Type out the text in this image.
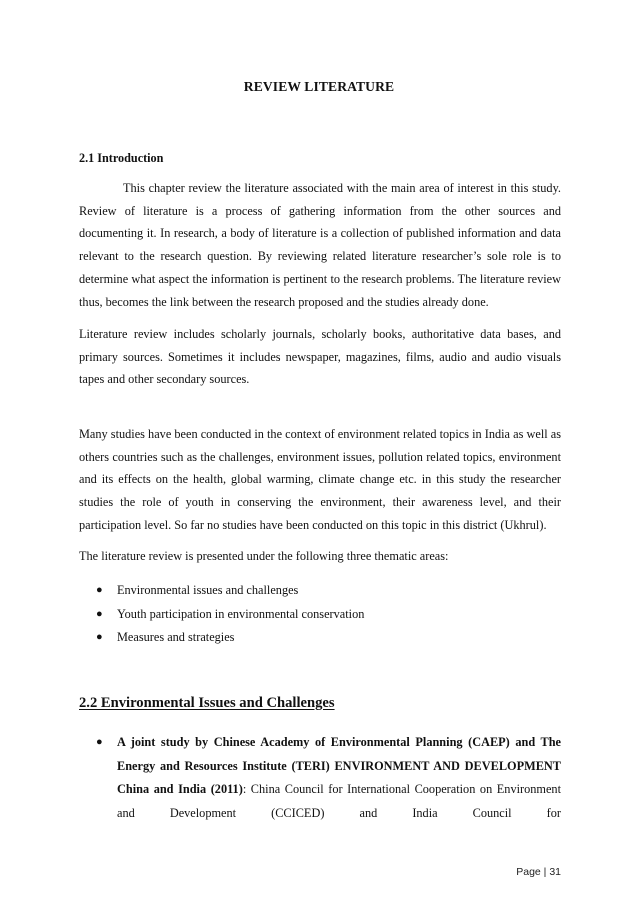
REVIEW LITERATURE
2.1 Introduction

This chapter review the literature associated with the main area of interest in this study. Review of literature is a process of gathering information from the other sources and documenting it. In research, a body of literature is a collection of published information and data relevant to the research question. By reviewing related literature researcher’s sole role is to determine what aspect the information is pertinent to the research problems. The literature review thus, becomes the link between the research proposed and the studies already done.

Literature review includes scholarly journals, scholarly books, authoritative data bases, and primary sources. Sometimes it includes newspaper, magazines, films, audio and audio visuals tapes and other secondary sources.

Many studies have been conducted in the context of environment related topics in India as well as others countries such as the challenges, environment issues, pollution related topics, environment and its effects on the health, global warming, climate change etc. in this study the researcher studies the role of youth in conserving the environment, their awareness level, and their participation level. So far no studies have been conducted on this topic in this district (Ukhrul).

The literature review is presented under the following three thematic areas:

● Environmental issues and challenges
● Youth participation in environmental conservation
● Measures and strategies
2.2 Environmental Issues and Challenges
● A joint study by Chinese Academy of Environmental Planning (CAEP) and The Energy and Resources Institute (TERI) ENVIRONMENT AND DEVELOPMENT China and India (2011): China Council for International Cooperation on Environment and Development (CCICED) and India Council for
Page | 31
